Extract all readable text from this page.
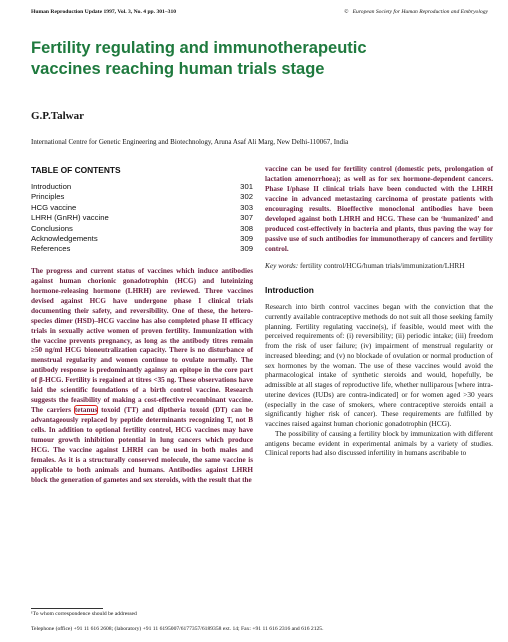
Human Reproduction Update 1997, Vol. 3, No. 4 pp. 301–310	© European Society for Human Reproduction and Embryology
Fertility regulating and immunotherapeutic
vaccines reaching human trials stage
G.P.Talwar
International Centre for Genetic Engineering and Biotechnology, Aruna Asaf Ali Marg, New Delhi-110067, India
TABLE OF CONTENTS
Introduction	301
Principles	302
HCG vaccine	303
LHRH (GnRH) vaccine	307
Conclusions	308
Acknowledgements	309
References	309

The progress and current status of vaccines which induce antibodies against human chorionic gonadotrophin (HCG) and luteinizing hormone-releasing hormone (LHRH) are reviewed. Three vaccines devised against HCG have undergone phase I clinical trials documenting their safety, and reversibility. One of these, the hetero-species dimer (HSD)–HCG vaccine has also completed phase II efficacy trials in sexually active women of proven fertility. Immunization with the vaccine prevents pregnancy, as long as the antibody titres remain ≥50 ng/ml HCG bioneutralization capacity. There is no disturbance of menstrual regularity and women continue to ovulate normally. The antibody response is predominantly againsy an epitope in the core part of β-HCG. Fertility is regained at titres <35 ng. These observations have laid the scientific foundations of a birth control vaccine. Research suggests the feasibility of making a cost-effective recombinant vaccine. The carriers tetanus toxoid (TT) and diptheria toxoid (DT) can be advantageously replaced by peptide determinants recognizing T, not B cells. In addition to optional fertility control, HCG vaccines may have tumour growth inhibition potential in lung cancers which produce HCG. The vaccine against LHRH can be used in both males and females. As it is a structurally conserved molecule, the same vaccine is applicable to both animals and humans. Antibodies against LHRH block the generation of gametes and sex steroids, with the result that the

vaccine can be used for fertility control (domestic pets, prolongation of lactation amenorrhoea); as well as for sex hormone-dependent cancers. Phase I/phase II clinical trials have been conducted with the LHRH vaccine in advanced metastazing carcinoma of prostate patients with encouraging results. Bioeffective monoclonal antibodies have been developed against both LHRH and HCG. These can be ‘humanized’ and produced cost-effectively in bacteria and plants, thus paving the way for passive use of such antibodies for immunotherapy of cancers and fertility control.

Key words: fertility control/HCG/human trials/immunization/LHRH

Introduction

Research into birth control vaccines began with the conviction that the currently available contraceptive methods do not suit all those seeking family planning. Fertility regulating vaccine(s), if feasible, would meet with the perceived requirements of: (i) reversibility; (ii) periodic intake; (iii) freedom from the risk of user failure; (iv) impairment of menstrual regularity or increased bleeding; and (v) no blockade of ovulation or normal production of sex hormones by the woman. The use of these vaccines would avoid the pharmacological intake of synthetic steroids and would, hopefully, be admissible at all stages of reproductive life, whether nulliparous [where intra-uterine devices (IUDs) are contra-indicated] or for women aged >30 years (especially in the case of smokers, where contraceptive steroids entail a significantly higher risk of cancer). These requirements are fulfilled by vaccines raised against human chorionic gonadotrophin (HCG).

The possibility of causing a fertility block by immunization with different antigens became evident in experimental animals by a variety of studies. Clinical reports had also discussed infertility in humans ascribable to

¹To whom correspondence should be addressed
Telephone (office) +91 11 616 2608; (laboratory) +91 11 6195007/6177357/6189358 ext. 14; Fax: +91 11 616 2316 and 616 2125.
